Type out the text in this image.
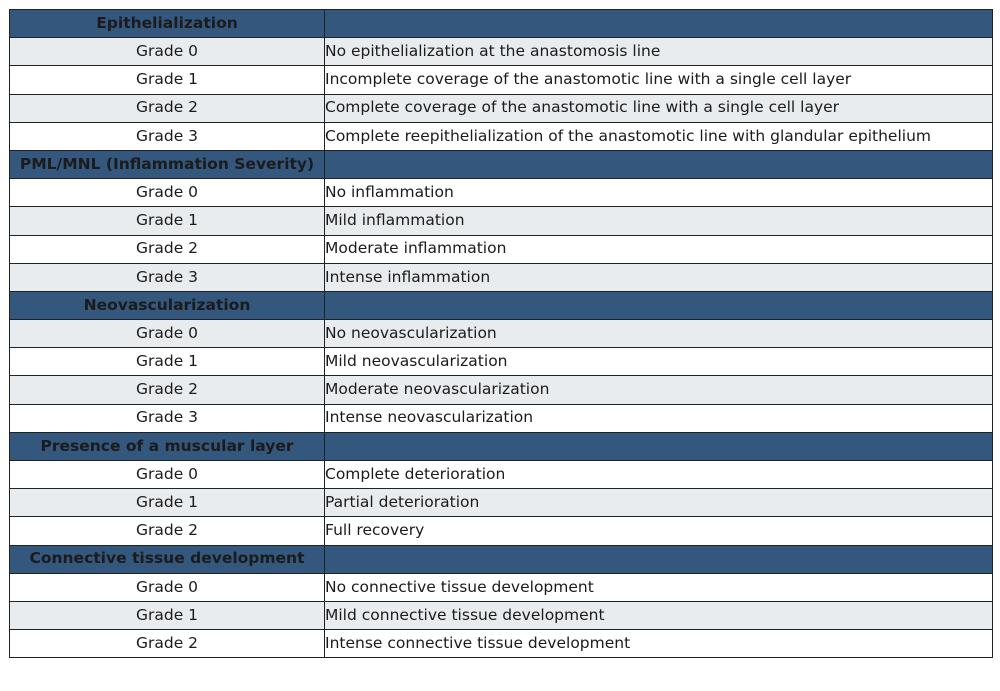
Epithelialization	
Grade 0	No epithelialization at the anastomosis line
Grade 1	Incomplete coverage of the anastomotic line with a single cell layer
Grade 2	Complete coverage of the anastomotic line with a single cell layer
Grade 3	Complete reepithelialization of the anastomotic line with glandular epithelium
PML/MNL (Inflammation Severity)	
Grade 0	No inflammation
Grade 1	Mild inflammation
Grade 2	Moderate inflammation
Grade 3	Intense inflammation
Neovascularization	
Grade 0	No neovascularization
Grade 1	Mild neovascularization
Grade 2	Moderate neovascularization
Grade 3	Intense neovascularization
Presence of a muscular layer	
Grade 0	Complete deterioration
Grade 1	Partial deterioration
Grade 2	Full recovery
Connective tissue development	
Grade 0	No connective tissue development
Grade 1	Mild connective tissue development
Grade 2	Intense connective tissue development
